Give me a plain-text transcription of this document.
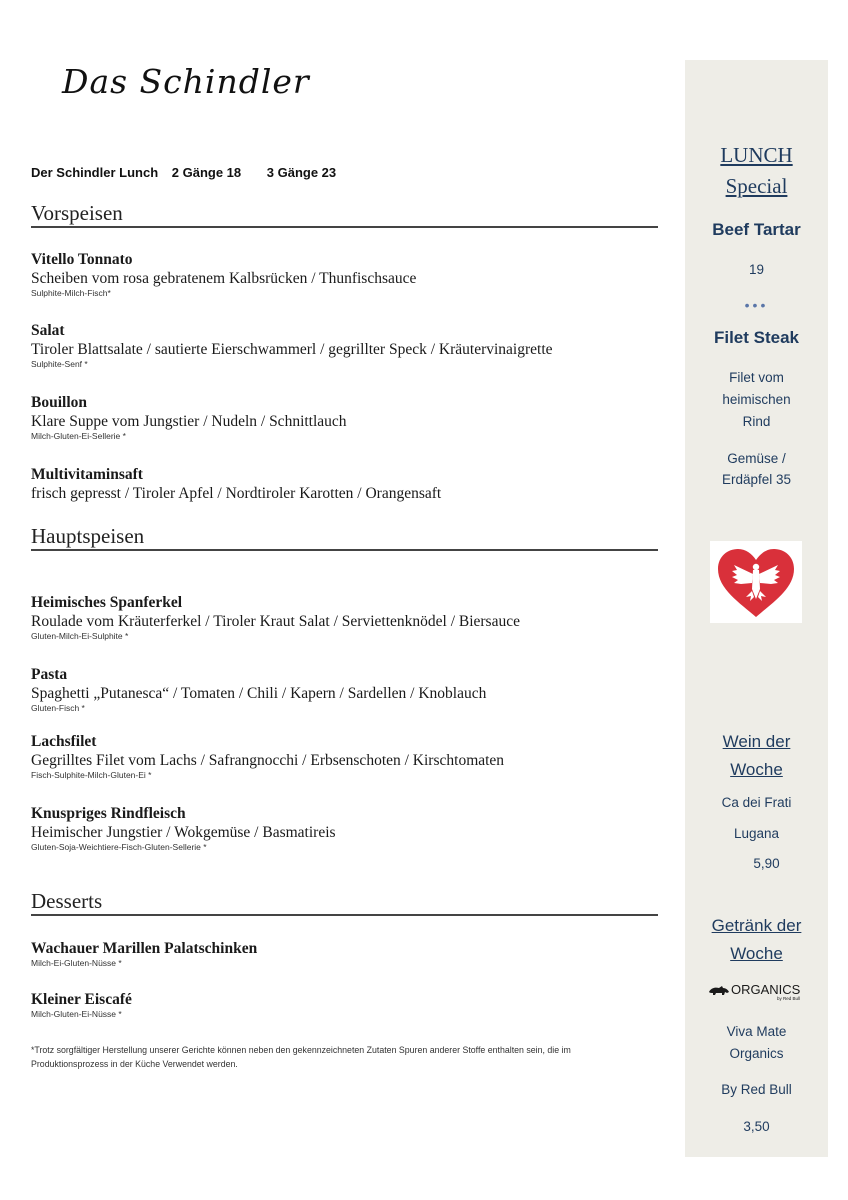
Das Schindler
Der Schindler Lunch 2 Gänge 18 3 Gänge 23
Vorspeisen
Vitello Tonnato
Scheiben vom rosa gebratenem Kalbsrücken / Thunfischsauce
Sulphite-Milch-Fisch*
Salat
Tiroler Blattsalate / sautierte Eierschwammerl / gegrillter Speck / Kräutervinaigrette
Sulphite-Senf *
Bouillon
Klare Suppe vom Jungstier / Nudeln / Schnittlauch
Milch-Gluten-Ei-Sellerie *
Multivitaminsaft
frisch gepresst / Tiroler Apfel / Nordtiroler Karotten / Orangensaft
Hauptspeisen
Heimisches Spanferkel
Roulade vom Kräuterferkel / Tiroler Kraut Salat / Serviettenknödel / Biersauce
Gluten-Milch-Ei-Sulphite *
Pasta
Spaghetti „Putanesca“ / Tomaten / Chili / Kapern / Sardellen / Knoblauch
Gluten-Fisch *
Lachsfilet
Gegrilltes Filet vom Lachs / Safrangnocchi / Erbsenschoten / Kirschtomaten
Fisch-Sulphite-Milch-Gluten-Ei *
Knuspriges Rindfleisch
Heimischer Jungstier / Wokgemüse / Basmatireis
Gluten-Soja-Weichtiere-Fisch-Gluten-Sellerie *
Desserts
Wachauer Marillen Palatschinken
Milch-Ei-Gluten-Nüsse *
Kleiner Eiscafé
Milch-Gluten-Ei-Nüsse *
*Trotz sorgfältiger Herstellung unserer Gerichte können neben den gekennzeichneten Zutaten Spuren anderer Stoffe enthalten sein, die im Produktionsprozess in der Küche Verwendet werden.
LUNCH
Special
Beef Tartar
19
•••
Filet Steak
Filet vom
heimischen
Rind
Gemüse /
Erdäpfel 35
Wein der
Woche
Ca dei Frati
Lugana
5,90
Getränk der
Woche
ORGANICS
by Red Bull
Viva Mate
Organics
By Red Bull
3,50
